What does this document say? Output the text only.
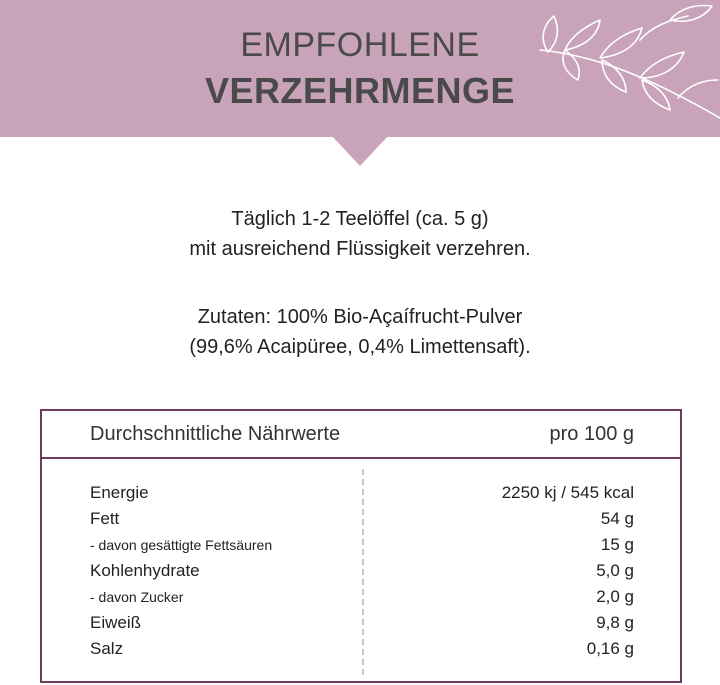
EMPFOHLENE
VERZEHRMENGE
Täglich 1-2 Teelöffel (ca. 5 g)
mit ausreichend Flüssigkeit verzehren.
Zutaten: 100% Bio-Açaífrucht-Pulver
(99,6% Acaipüree, 0,4% Limettensaft).
Durchschnittliche Nährwerte	pro 100 g
Energie	2250 kj / 545 kcal
Fett	54 g
- davon gesättigte Fettsäuren	15 g
Kohlenhydrate	5,0 g
- davon Zucker	2,0 g
Eiweiß	9,8 g
Salz	0,16 g
